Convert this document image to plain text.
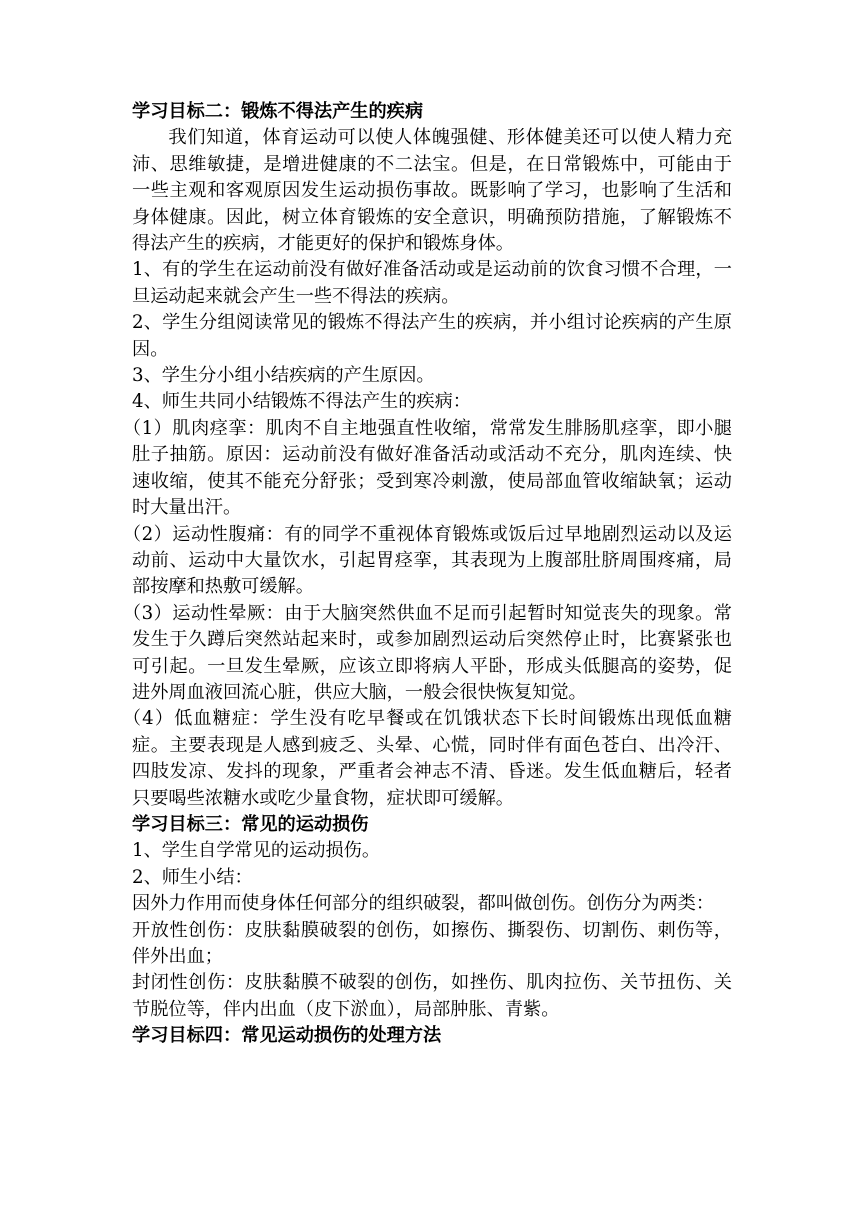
学习目标二：锻炼不得法产生的疾病

我们知道，体育运动可以使人体魄强健、形体健美还可以使人精力充沛、思维敏捷，是增进健康的不二法宝。但是，在日常锻炼中，可能由于一些主观和客观原因发生运动损伤事故。既影响了学习，也影响了生活和身体健康。因此，树立体育锻炼的安全意识，明确预防措施，了解锻炼不得法产生的疾病，才能更好的保护和锻炼身体。

1、有的学生在运动前没有做好准备活动或是运动前的饮食习惯不合理，一旦运动起来就会产生一些不得法的疾病。

2、学生分组阅读常见的锻炼不得法产生的疾病，并小组讨论疾病的产生原因。

3、学生分小组小结疾病的产生原因。

4、师生共同小结锻炼不得法产生的疾病：

（1）肌肉痉挛：肌肉不自主地强直性收缩，常常发生腓肠肌痉挛，即小腿肚子抽筋。原因：运动前没有做好准备活动或活动不充分，肌肉连续、快速收缩，使其不能充分舒张；受到寒冷刺激，使局部血管收缩缺氧；运动时大量出汗。

（2）运动性腹痛：有的同学不重视体育锻炼或饭后过早地剧烈运动以及运动前、运动中大量饮水，引起胃痉挛，其表现为上腹部肚脐周围疼痛，局部按摩和热敷可缓解。

（3）运动性晕厥：由于大脑突然供血不足而引起暂时知觉丧失的现象。常发生于久蹲后突然站起来时，或参加剧烈运动后突然停止时，比赛紧张也可引起。一旦发生晕厥，应该立即将病人平卧，形成头低腿高的姿势，促进外周血液回流心脏，供应大脑，一般会很快恢复知觉。

（4）低血糖症：学生没有吃早餐或在饥饿状态下长时间锻炼出现低血糖症。主要表现是人感到疲乏、头晕、心慌，同时伴有面色苍白、出冷汗、四肢发凉、发抖的现象，严重者会神志不清、昏迷。发生低血糖后，轻者只要喝些浓糖水或吃少量食物，症状即可缓解。

学习目标三：常见的运动损伤

1、学生自学常见的运动损伤。

2、师生小结：

因外力作用而使身体任何部分的组织破裂，都叫做创伤。创伤分为两类：

开放性创伤：皮肤黏膜破裂的创伤，如擦伤、撕裂伤、切割伤、刺伤等，伴外出血；

封闭性创伤：皮肤黏膜不破裂的创伤，如挫伤、肌肉拉伤、关节扭伤、关节脱位等，伴内出血（皮下淤血），局部肿胀、青紫。

学习目标四：常见运动损伤的处理方法
